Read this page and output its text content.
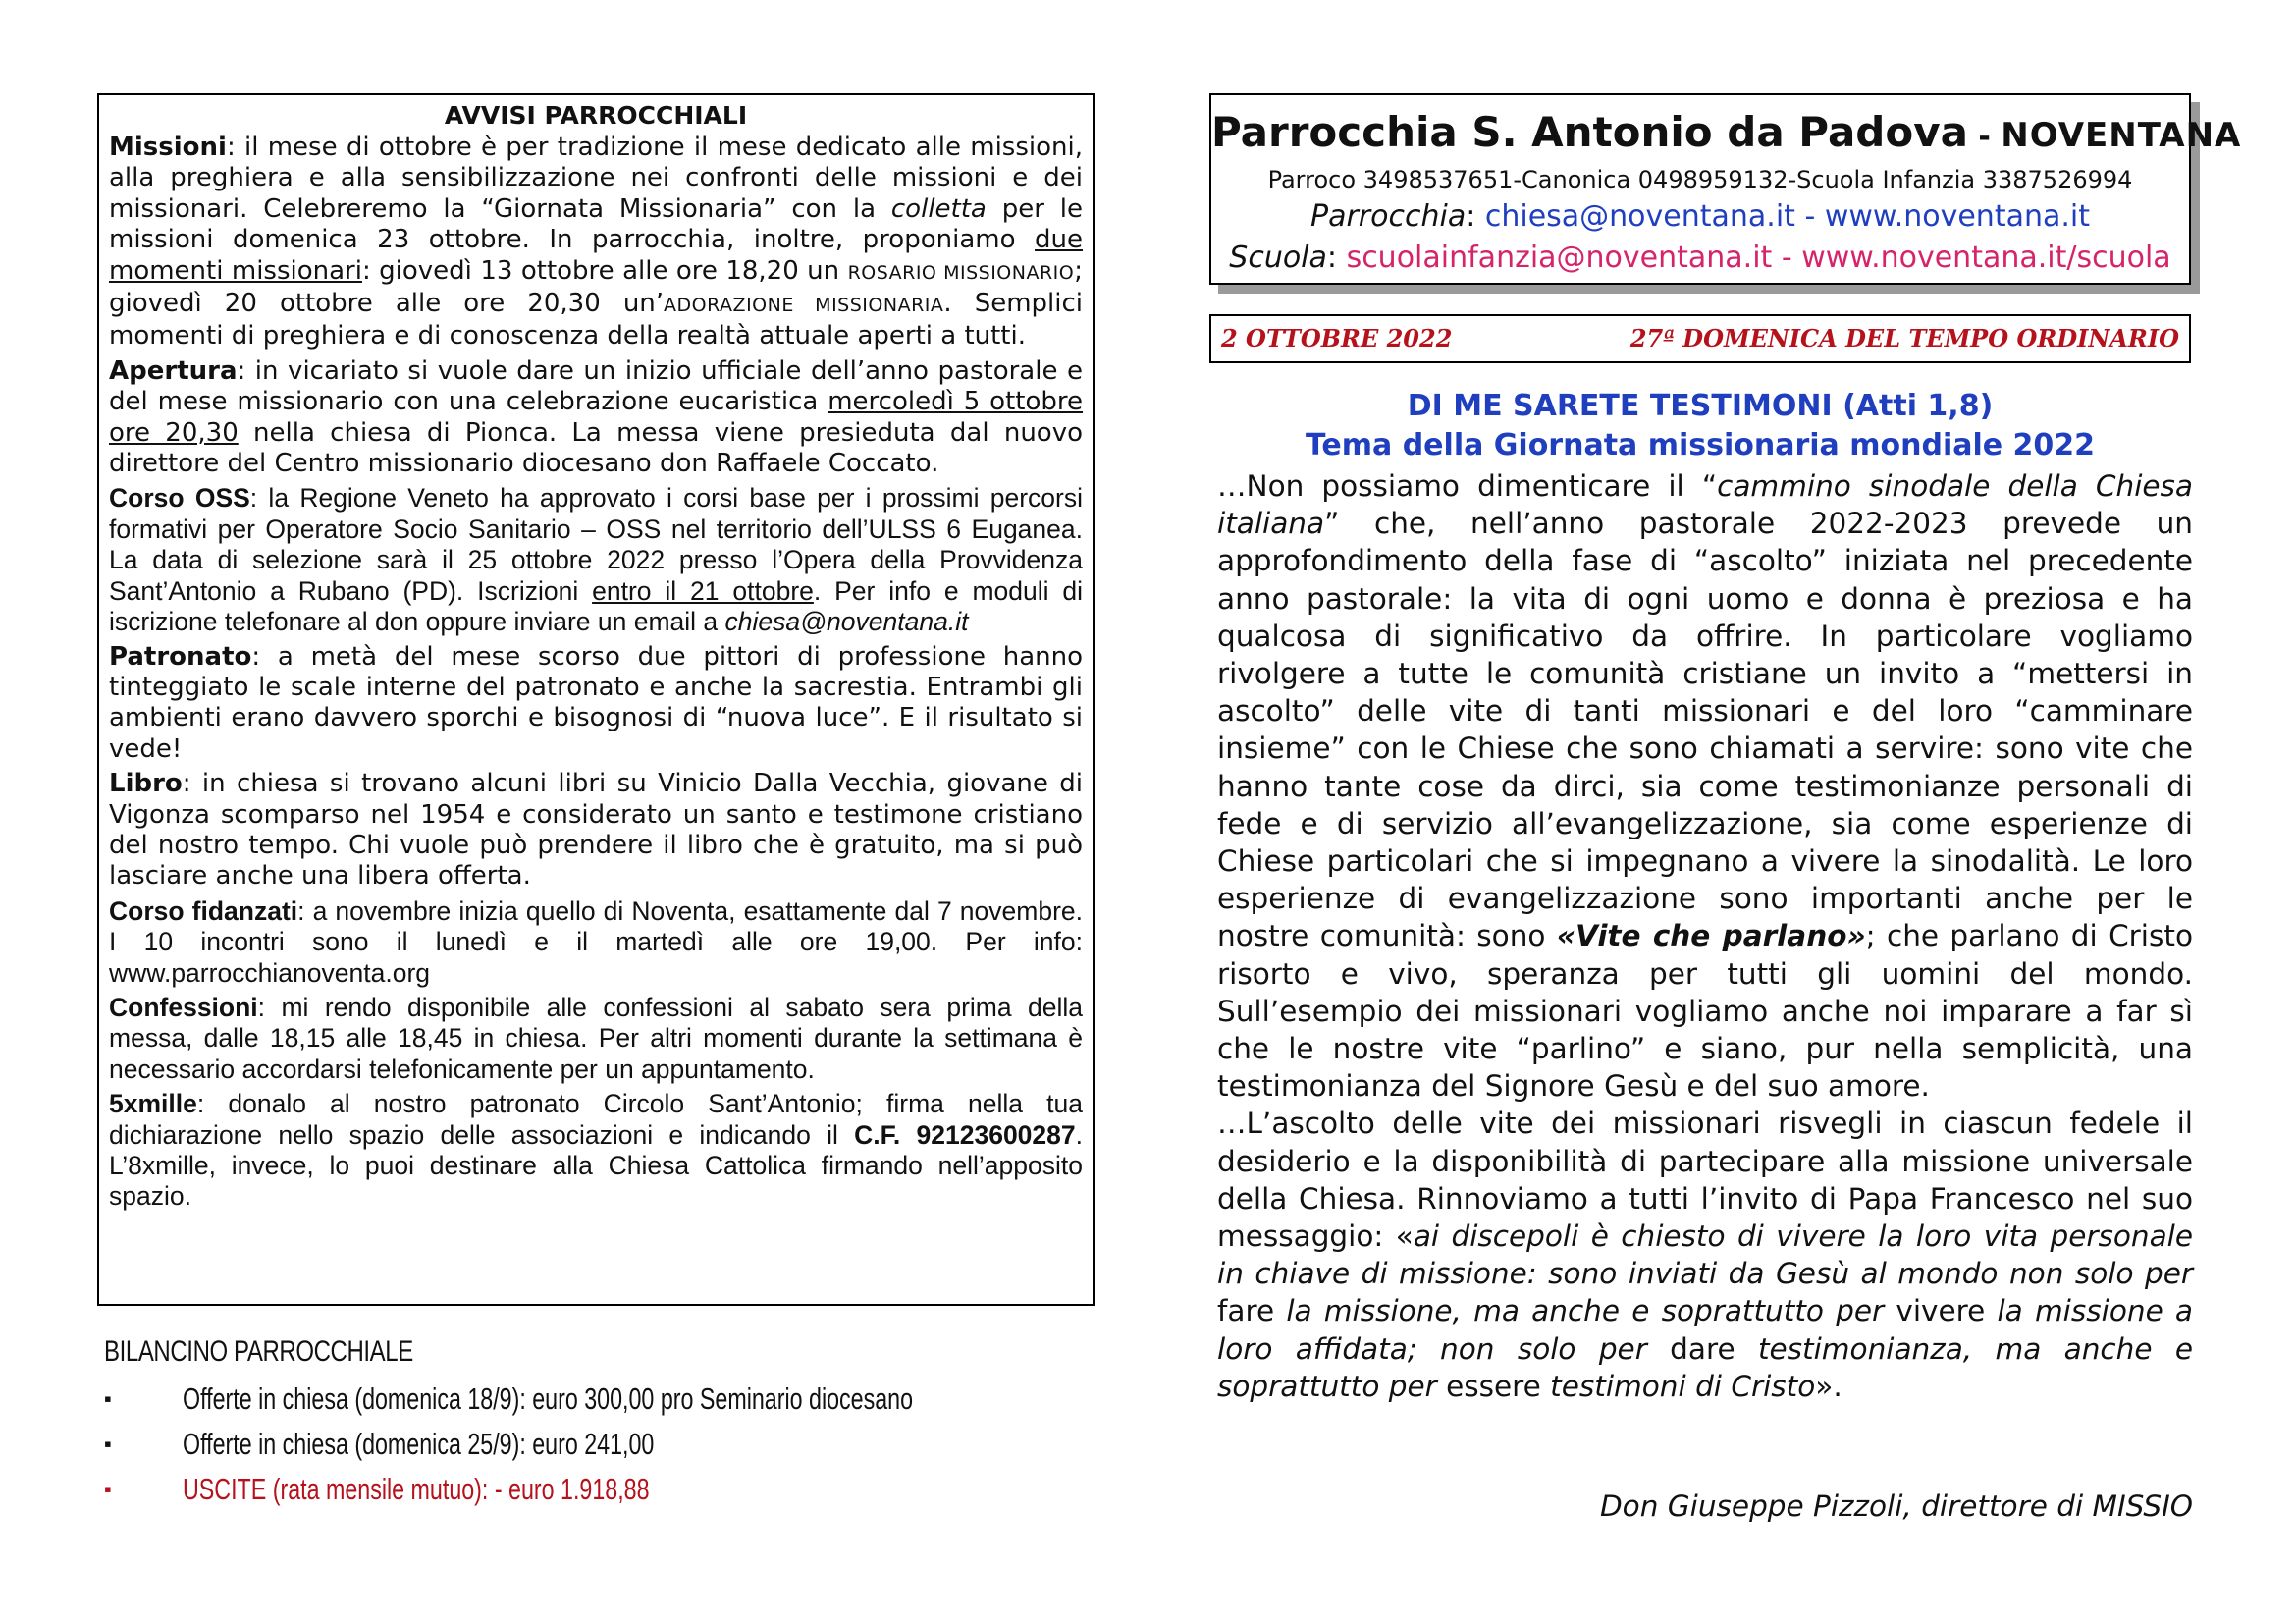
AVVISI PARROCCHIALI

Missioni: il mese di ottobre è per tradizione il mese dedicato alle missioni, alla preghiera e alla sensibilizzazione nei confronti delle missioni e dei missionari. Celebreremo la “Giornata Missionaria” con la colletta per le missioni domenica 23 ottobre. In parrocchia, inoltre, proponiamo due momenti missionari: giovedì 13 ottobre alle ore 18,20 un ROSARIO MISSIONARIO; giovedì 20 ottobre alle ore 20,30 un’ADORAZIONE MISSIONARIA. Semplici momenti di preghiera e di conoscenza della realtà attuale aperti a tutti.

Apertura: in vicariato si vuole dare un inizio ufficiale dell’anno pastorale e del mese missionario con una celebrazione eucaristica mercoledì 5 ottobre ore 20,30 nella chiesa di Pionca. La messa viene presieduta dal nuovo direttore del Centro missionario diocesano don Raffaele Coccato.

Corso OSS: la Regione Veneto ha approvato i corsi base per i prossimi percorsi formativi per Operatore Socio Sanitario – OSS nel territorio dell’ULSS 6 Euganea. La data di selezione sarà il 25 ottobre 2022 presso l’Opera della Provvidenza Sant’Antonio a Rubano (PD). Iscrizioni entro il 21 ottobre. Per info e moduli di iscrizione telefonare al don oppure inviare un email a chiesa@noventana.it

Patronato: a metà del mese scorso due pittori di professione hanno tinteggiato le scale interne del patronato e anche la sacrestia. Entrambi gli ambienti erano davvero sporchi e bisognosi di “nuova luce”. E il risultato si vede!

Libro: in chiesa si trovano alcuni libri su Vinicio Dalla Vecchia, giovane di Vigonza scomparso nel 1954 e considerato un santo e testimone cristiano del nostro tempo. Chi vuole può prendere il libro che è gratuito, ma si può lasciare anche una libera offerta.

Corso fidanzati: a novembre inizia quello di Noventa, esattamente dal 7 novembre. I 10 incontri sono il lunedì e il martedì alle ore 19,00. Per info: www.parrocchianoventa.org

Confessioni: mi rendo disponibile alle confessioni al sabato sera prima della messa, dalle 18,15 alle 18,45 in chiesa. Per altri momenti durante la settimana è necessario accordarsi telefonicamente per un appuntamento.

5xmille: donalo al nostro patronato Circolo Sant’Antonio; firma nella tua dichiarazione nello spazio delle associazioni e indicando il C.F. 92123600287. L’8xmille, invece, lo puoi destinare alla Chiesa Cattolica firmando nell’apposito spazio.

BILANCINO PARROCCHIALE
▪ Offerte in chiesa (domenica 18/9): euro 300,00 pro Seminario diocesano
▪ Offerte in chiesa (domenica 25/9): euro 241,00
▪ USCITE (rata mensile mutuo): - euro 1.918,88
Parrocchia S. Antonio da Padova - NOVENTANA
Parroco 3498537651-Canonica 0498959132-Scuola Infanzia 3387526994
Parrocchia: chiesa@noventana.it - www.noventana.it
Scuola: scuolainfanzia@noventana.it - www.noventana.it/scuola
2 OTTOBRE 2022	27ª DOMENICA DEL TEMPO ORDINARIO
DI ME SARETE TESTIMONI (Atti 1,8)
Tema della Giornata missionaria mondiale 2022

…Non possiamo dimenticare il “cammino sinodale della Chiesa italiana” che, nell’anno pastorale 2022-2023 prevede un approfondimento della fase di “ascolto” iniziata nel precedente anno pastorale: la vita di ogni uomo e donna è preziosa e ha qualcosa di significativo da offrire. In particolare vogliamo rivolgere a tutte le comunità cristiane un invito a “mettersi in ascolto” delle vite di tanti missionari e del loro “camminare insieme” con le Chiese che sono chiamati a servire: sono vite che hanno tante cose da dirci, sia come testimonianze personali di fede e di servizio all’evangelizzazione, sia come esperienze di Chiese particolari che si impegnano a vivere la sinodalità. Le loro esperienze di evangelizzazione sono importanti anche per le nostre comunità: sono «Vite che parlano»; che parlano di Cristo risorto e vivo, speranza per tutti gli uomini del mondo. Sull’esempio dei missionari vogliamo anche noi imparare a far sì che le nostre vite “parlino” e siano, pur nella semplicità, una testimonianza del Signore Gesù e del suo amore.

…L’ascolto delle vite dei missionari risvegli in ciascun fedele il desiderio e la disponibilità di partecipare alla missione universale della Chiesa. Rinnoviamo a tutti l’invito di Papa Francesco nel suo messaggio: «ai discepoli è chiesto di vivere la loro vita personale in chiave di missione: sono inviati da Gesù al mondo non solo per fare la missione, ma anche e soprattutto per vivere la missione a loro affidata; non solo per dare testimonianza, ma anche e soprattutto per essere testimoni di Cristo».

Don Giuseppe Pizzoli, direttore di MISSIO
